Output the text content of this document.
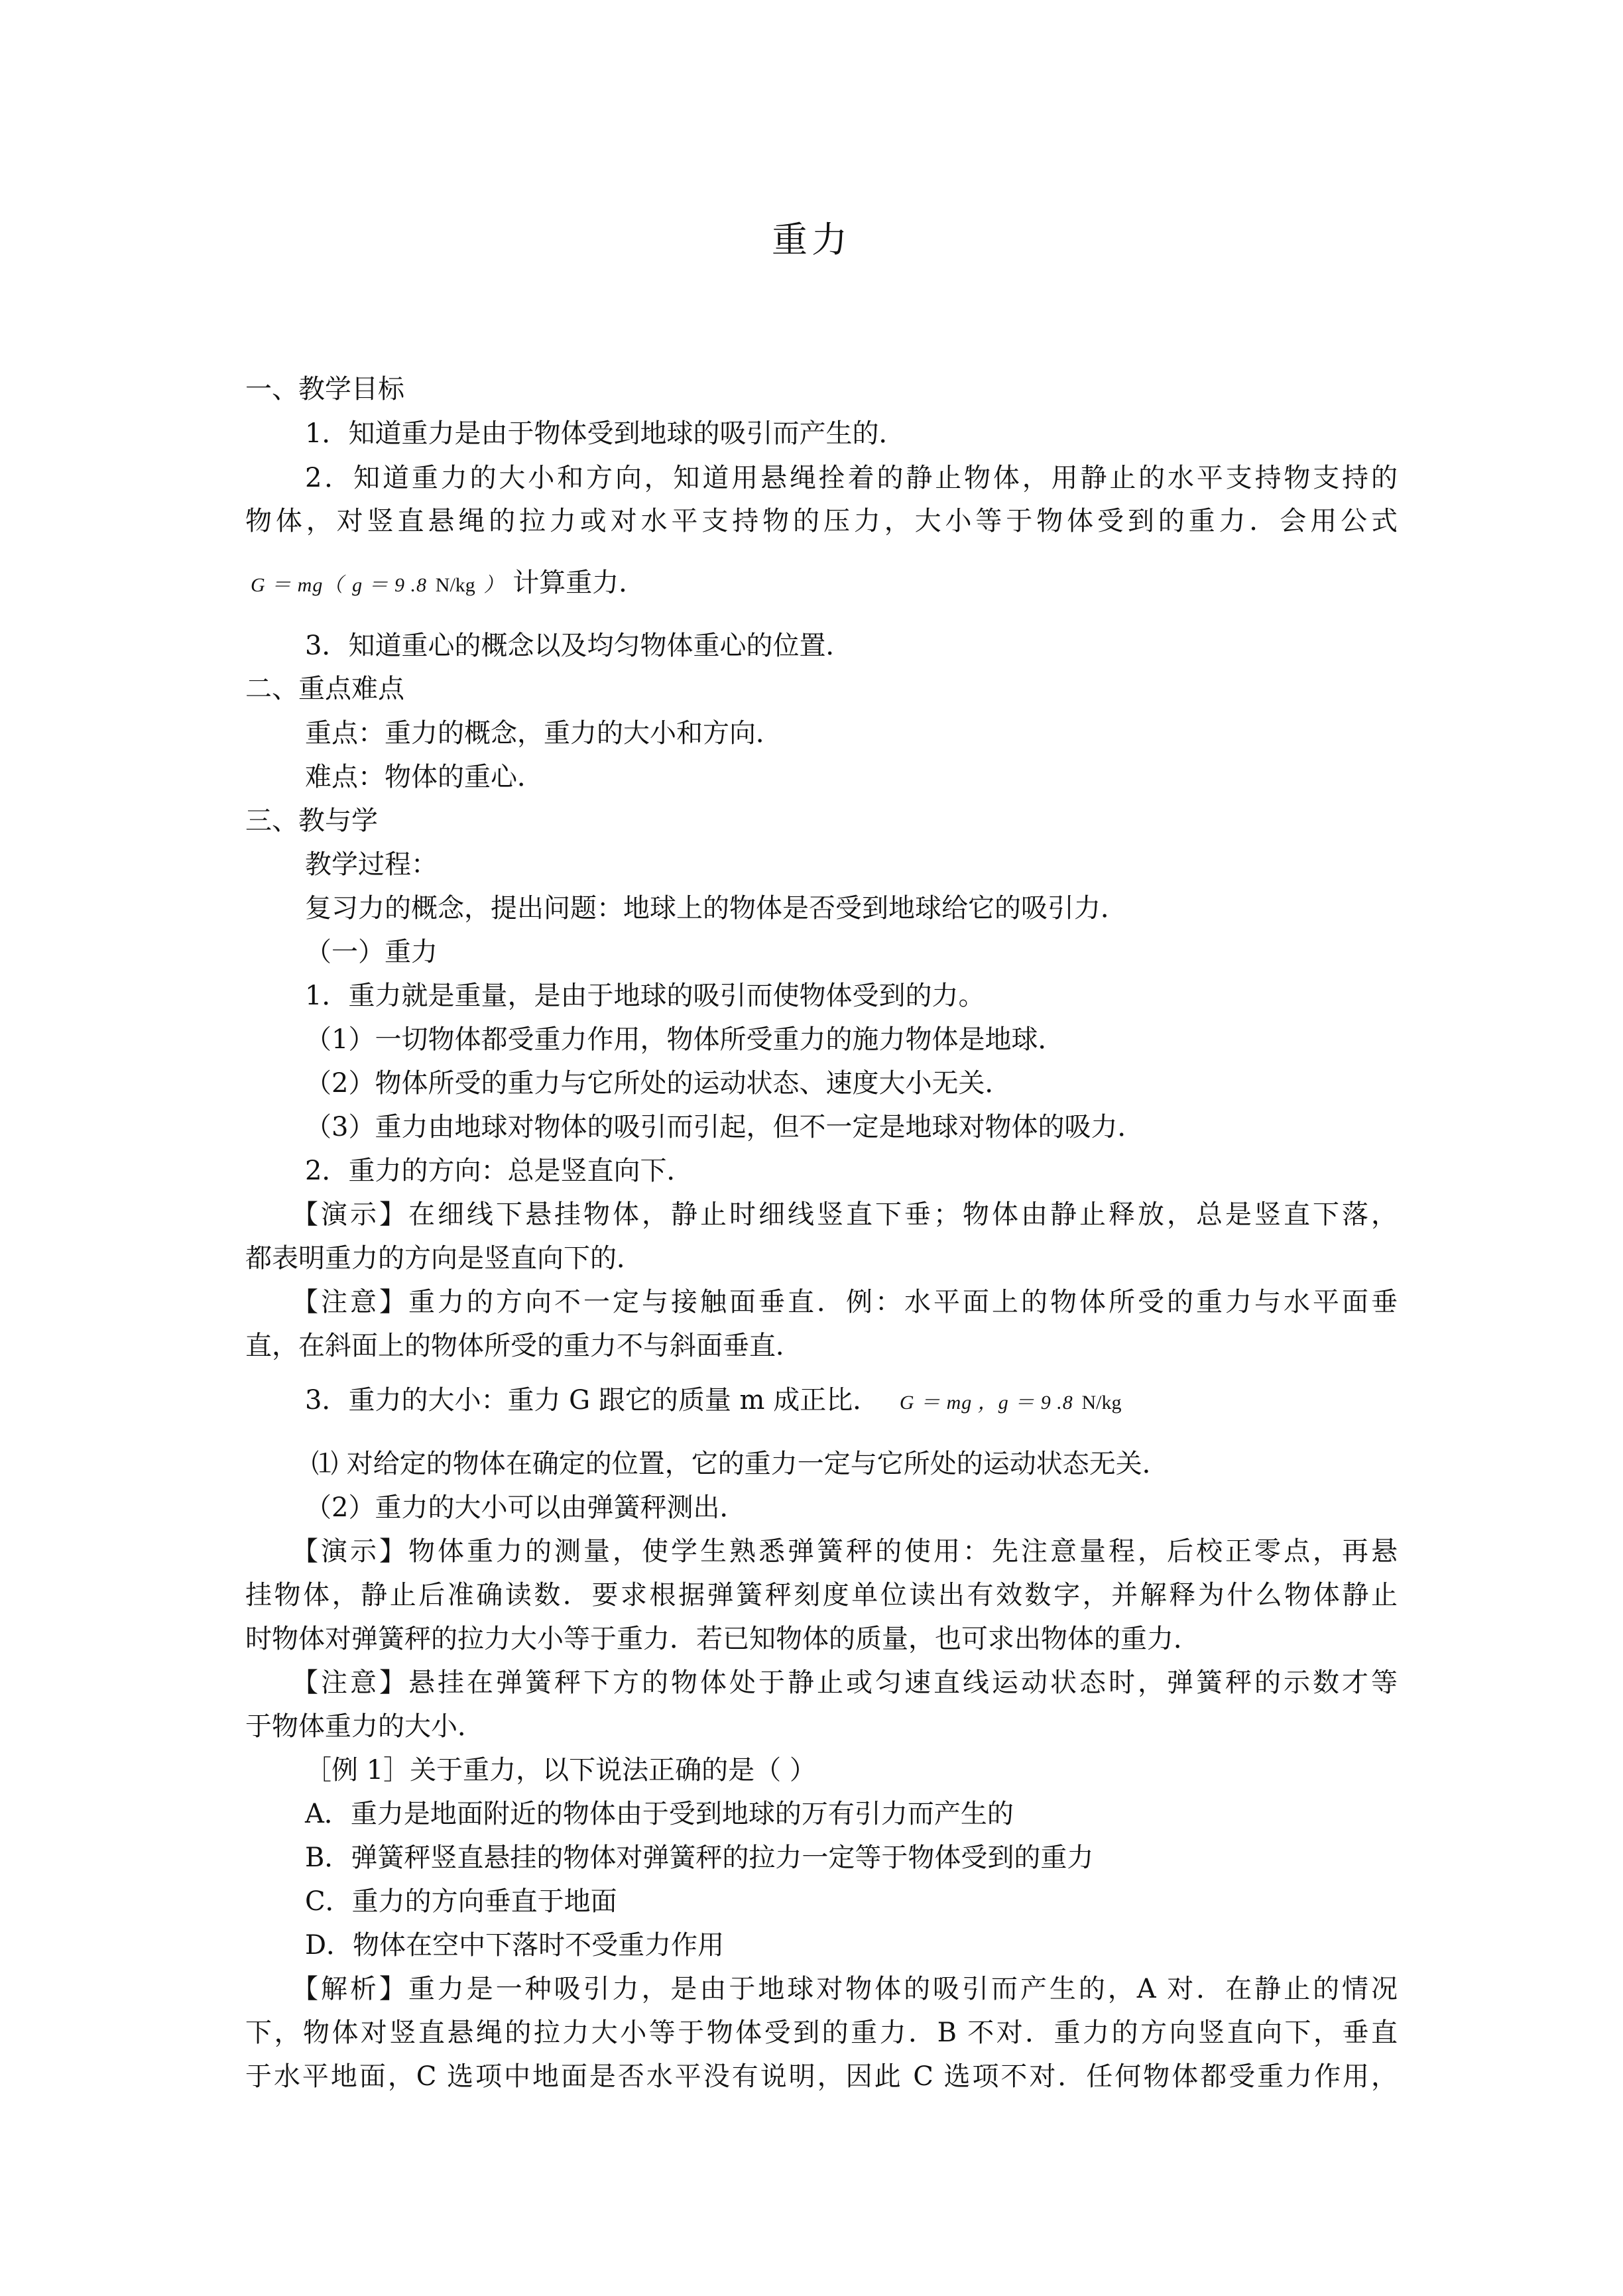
重力
一、教学目标
1．知道重力是由于物体受到地球的吸引而产生的．
2．知道重力的大小和方向，知道用悬绳拴着的静止物体，用静止的水平支持物支持的
物体，对竖直悬绳的拉力或对水平支持物的压力，大小等于物体受到的重力．会用公式
G ＝ mg（ g ＝ 9 .8 N/kg ） 计算重力．
3．知道重心的概念以及均匀物体重心的位置．
二、重点难点
重点：重力的概念，重力的大小和方向．
难点：物体的重心．
三、教与学
教学过程：
复习力的概念，提出问题：地球上的物体是否受到地球给它的吸引力．
（一）重力
1．重力就是重量，是由于地球的吸引而使物体受到的力。
（1）一切物体都受重力作用，物体所受重力的施力物体是地球．
（2）物体所受的重力与它所处的运动状态、速度大小无关．
（3）重力由地球对物体的吸引而引起，但不一定是地球对物体的吸力．
2．重力的方向：总是竖直向下．
【演示】在细线下悬挂物体，静止时细线竖直下垂；物体由静止释放，总是竖直下落，
都表明重力的方向是竖直向下的．
【注意】重力的方向不一定与接触面垂直．例：水平面上的物体所受的重力与水平面垂
直，在斜面上的物体所受的重力不与斜面垂直．
3．重力的大小：重力 G 跟它的质量 m 成正比． G ＝ mg ，g ＝ 9 .8 N/kg
⑴ 对给定的物体在确定的位置，它的重力一定与它所处的运动状态无关．
（2）重力的大小可以由弹簧秤测出．
【演示】物体重力的测量，使学生熟悉弹簧秤的使用：先注意量程，后校正零点，再悬
挂物体，静止后准确读数．要求根据弹簧秤刻度单位读出有效数字，并解释为什么物体静止
时物体对弹簧秤的拉力大小等于重力．若已知物体的质量，也可求出物体的重力．
【注意】悬挂在弹簧秤下方的物体处于静止或匀速直线运动状态时，弹簧秤的示数才等
于物体重力的大小．
［例 1］关于重力，以下说法正确的是（ ）
A．重力是地面附近的物体由于受到地球的万有引力而产生的
B．弹簧秤竖直悬挂的物体对弹簧秤的拉力一定等于物体受到的重力
C．重力的方向垂直于地面
D．物体在空中下落时不受重力作用
【解析】重力是一种吸引力，是由于地球对物体的吸引而产生的，A 对．在静止的情况
下，物体对竖直悬绳的拉力大小等于物体受到的重力．B 不对．重力的方向竖直向下，垂直
于水平地面，C 选项中地面是否水平没有说明，因此 C 选项不对．任何物体都受重力作用，
